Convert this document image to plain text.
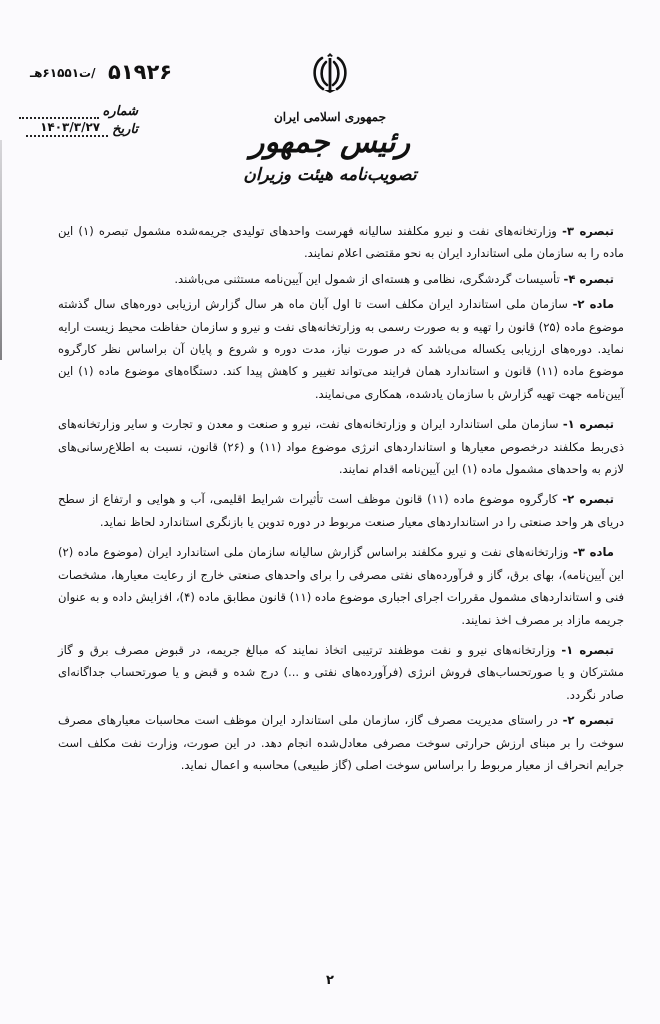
/ت۶۱۵۵۱هـ ۵۱۹۲۶
شماره
تاریخ
۱۴۰۳/۳/۲۷
جمهوری اسلامی ایران
رئیس جمهور
تصویب‌نامه هیئت وزیران

تبصره ۳- وزارتخانه‌های نفت و نیرو مکلفند سالیانه فهرست واحدهای تولیدی جریمه‌شده مشمول تبصره (۱) این ماده را به سازمان ملی استاندارد ایران به نحو مقتضی اعلام نمایند.

تبصره ۴- تأسیسات گردشگری، نظامی و هسته‌ای از شمول این آیین‌نامه مستثنی می‌باشند.

ماده ۲- سازمان ملی استاندارد ایران مکلف است تا اول آبان ماه هر سال گزارش ارزیابی دوره‌های سال گذشته موضوع ماده (۲۵) قانون را تهیه و به صورت رسمی به وزارتخانه‌های نفت و نیرو و سازمان حفاظت محیط زیست ارایه نماید. دوره‌های ارزیابی یکساله می‌باشد که در صورت نیاز، مدت دوره و شروع و پایان آن براساس نظر کارگروه موضوع ماده (۱۱) قانون و استاندارد همان فرایند می‌تواند تغییر و کاهش پیدا کند. دستگاه‌های موضوع ماده (۱) این آیین‌نامه جهت تهیه گزارش با سازمان یادشده، همکاری می‌نمایند.

تبصره ۱- سازمان ملی استاندارد ایران و وزارتخانه‌های نفت، نیرو و صنعت و معدن و تجارت و سایر وزارتخانه‌های ذی‌ربط مکلفند درخصوص معیارها و استانداردهای انرژی موضوع مواد (۱۱) و (۲۶) قانون، نسبت به اطلاع‌رسانی‌های لازم به واحدهای مشمول ماده (۱) این آیین‌نامه اقدام نمایند.

تبصره ۲- کارگروه موضوع ماده (۱۱) قانون موظف است تأثیرات شرایط اقلیمی، آب و هوایی و ارتفاع از سطح دریای هر واحد صنعتی را در استانداردهای معیار صنعت مربوط در دوره تدوین یا بازنگری استاندارد لحاظ نماید.

ماده ۳- وزارتخانه‌های نفت و نیرو مکلفند براساس گزارش سالیانه سازمان ملی استاندارد ایران (موضوع ماده (۲) این آیین‌نامه)، بهای برق، گاز و فرآورده‌های نفتی مصرفی را برای واحدهای صنعتی خارج از رعایت معیارها، مشخصات فنی و استانداردهای مشمول مقررات اجرای اجباری موضوع ماده (۱۱) قانون مطابق ماده (۴)، افزایش داده و به عنوان جریمه مازاد بر مصرف اخذ نمایند.

تبصره ۱- وزارتخانه‌های نیرو و نفت موظفند ترتیبی اتخاذ نمایند که مبالغ جریمه، در قبوض مصرف برق و گاز مشترکان و یا صورتحساب‌های فروش انرژی (فرآورده‌های نفتی و ...) درج شده و قبض و یا صورتحساب جداگانه‌ای صادر نگردد.

تبصره ۲- در راستای مدیریت مصرف گاز، سازمان ملی استاندارد ایران موظف است محاسبات معیارهای مصرف سوخت را بر مبنای ارزش حرارتی سوخت مصرفی معادل‌شده انجام دهد. در این صورت، وزارت نفت مکلف است جرایم انحراف از معیار مربوط را براساس سوخت اصلی (گاز طبیعی) محاسبه و اعمال نماید.

۲
